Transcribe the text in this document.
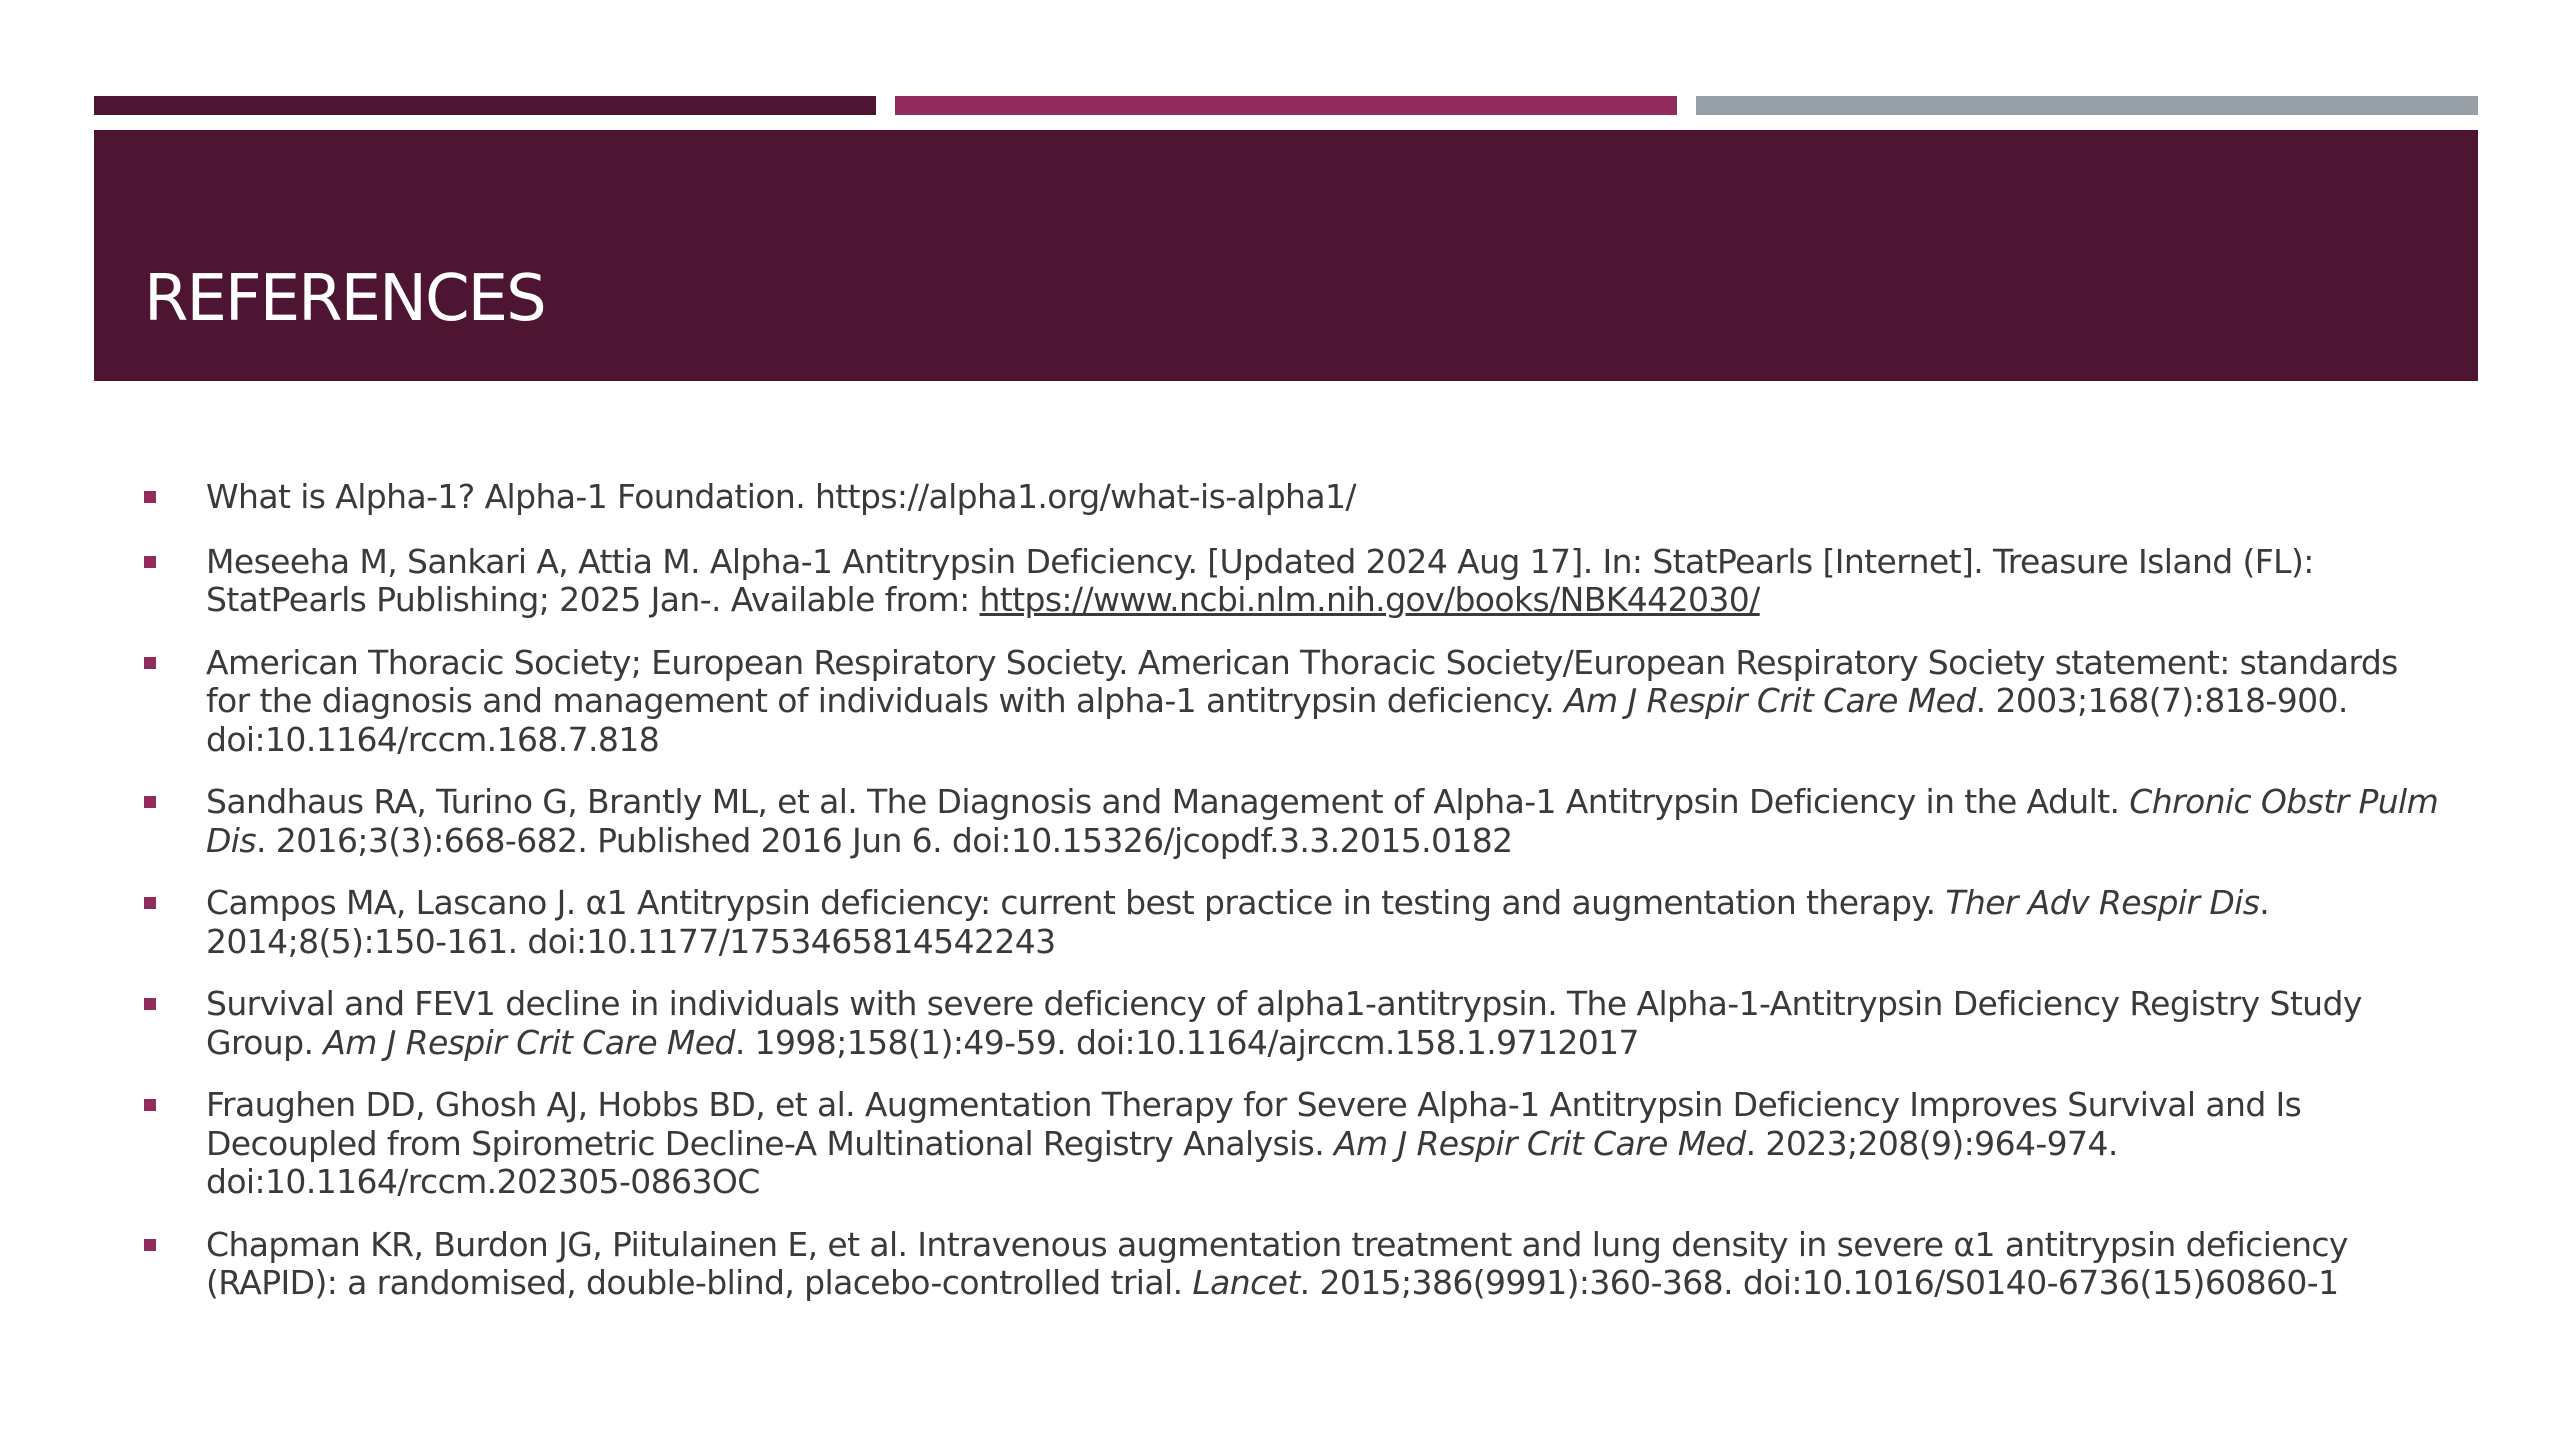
REFERENCES
What is Alpha-1? Alpha-1 Foundation. https://alpha1.org/what-is-alpha1/
Meseeha M, Sankari A, Attia M. Alpha-1 Antitrypsin Deficiency. [Updated 2024 Aug 17]. In: StatPearls [Internet]. Treasure Island (FL): StatPearls Publishing; 2025 Jan-. Available from: https://www.ncbi.nlm.nih.gov/books/NBK442030/
American Thoracic Society; European Respiratory Society. American Thoracic Society/European Respiratory Society statement: standards for the diagnosis and management of individuals with alpha-1 antitrypsin deficiency. Am J Respir Crit Care Med. 2003;168(7):818-900. doi:10.1164/rccm.168.7.818
Sandhaus RA, Turino G, Brantly ML, et al. The Diagnosis and Management of Alpha-1 Antitrypsin Deficiency in the Adult. Chronic Obstr Pulm Dis. 2016;3(3):668-682. Published 2016 Jun 6. doi:10.15326/jcopdf.3.3.2015.0182
Campos MA, Lascano J. α1 Antitrypsin deficiency: current best practice in testing and augmentation therapy. Ther Adv Respir Dis. 2014;8(5):150-161. doi:10.1177/1753465814542243
Survival and FEV1 decline in individuals with severe deficiency of alpha1-antitrypsin. The Alpha-1-Antitrypsin Deficiency Registry Study Group. Am J Respir Crit Care Med. 1998;158(1):49-59. doi:10.1164/ajrccm.158.1.9712017
Fraughen DD, Ghosh AJ, Hobbs BD, et al. Augmentation Therapy for Severe Alpha-1 Antitrypsin Deficiency Improves Survival and Is Decoupled from Spirometric Decline-A Multinational Registry Analysis. Am J Respir Crit Care Med. 2023;208(9):964-974. doi:10.1164/rccm.202305-0863OC
Chapman KR, Burdon JG, Piitulainen E, et al. Intravenous augmentation treatment and lung density in severe α1 antitrypsin deficiency (RAPID): a randomised, double-blind, placebo-controlled trial. Lancet. 2015;386(9991):360-368. doi:10.1016/S0140-6736(15)60860-1
